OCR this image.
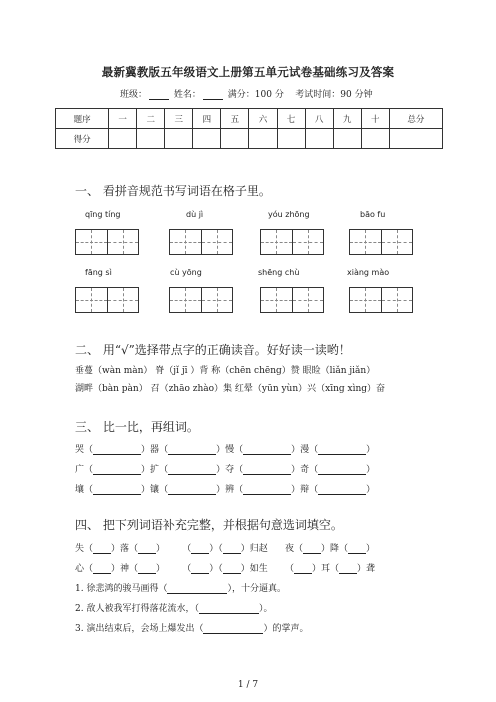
最新冀教版五年级语文上册第五单元试卷基础练习及答案
班级：	姓名：	满分：100 分 考试时间：90 分钟
题序	一	二	三	四	五	六	七	八	九	十	总分
得分											
一、 看拼音规范书写词语在格子里。
qīng tíng	dù jì	yóu zhōng	bāo fu
fāng sì	cù yōng	shēng chù	xiàng mào
二、 用“√”选择带点字的正确读音。好好读一读哟！
垂蔓（wàn màn） 脊（jǐ jī ）背 称（chēn chēng）赞 眼睑（liǎn jiǎn）
湖畔（bàn pàn） 召（zhāo zhào）集 红晕（yūn yùn）兴（xīng xìng）奋
三、 比一比，再组词。
哭（	）器（	）慢（	）漫（	）
广（	）扩（	）夺（	）奇（	）
壤（	）镶（	）辨（	）辩（	）
四、 把下列词语补充完整，并根据句意选词填空。
失（ ）落（ ） （ ）（ ）归赵 夜（ ）降（ ）
心（ ）神（ ） （ ）（ ）如生 （ ）耳（ ）聋
1. 徐悲鸿的骏马画得（	），十分逼真。
2. 敌人被我军打得落花流水，（	）。
3. 演出结束后，会场上爆发出（	）的掌声。
1 / 7
